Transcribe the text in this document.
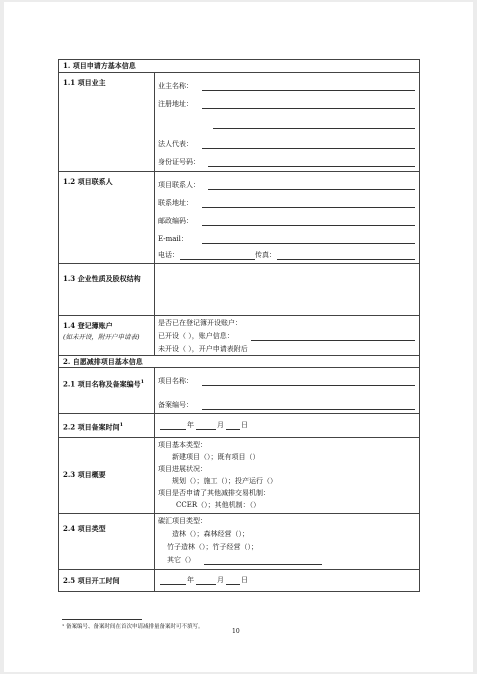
1. 项目申请方基本信息
1.1 项目业主	业主名称：
注册地址：
法人代表：
身份证号码：
1.2 项目联系人	项目联系人：
联系地址：
邮政编码：
E-mail：
电话：	传真：
1.3 企业性质及股权结构
1.4 登记簿账户
(如未开设，附开户申请表)
是否已在登记簿开设账户：
已开设（ ），账户信息：
未开设（ ），开户申请表附后
2. 自愿减排项目基本信息
2.1 项目名称及备案编号$^1$	项目名称：
备案编号：
2.2 项目备案时间$^1$	年	月 日
2.3 项目概要
项目基本类型：
新建项目（）；既有项目（）
项目进展状况：
规划（）；施工（）；投产运行（）
项目是否申请了其他减排交易机制：
CCER（）；其他机制：（）
2.4 项目类型
碳汇项目类型：
造林（）；森林经营（）；
竹子造林（）；竹子经营（）；
其它（）
2.5 项目开工时间	年	月 日
¹ 备案编号、备案时间在首次申请减排量备案时可不填写。
10
